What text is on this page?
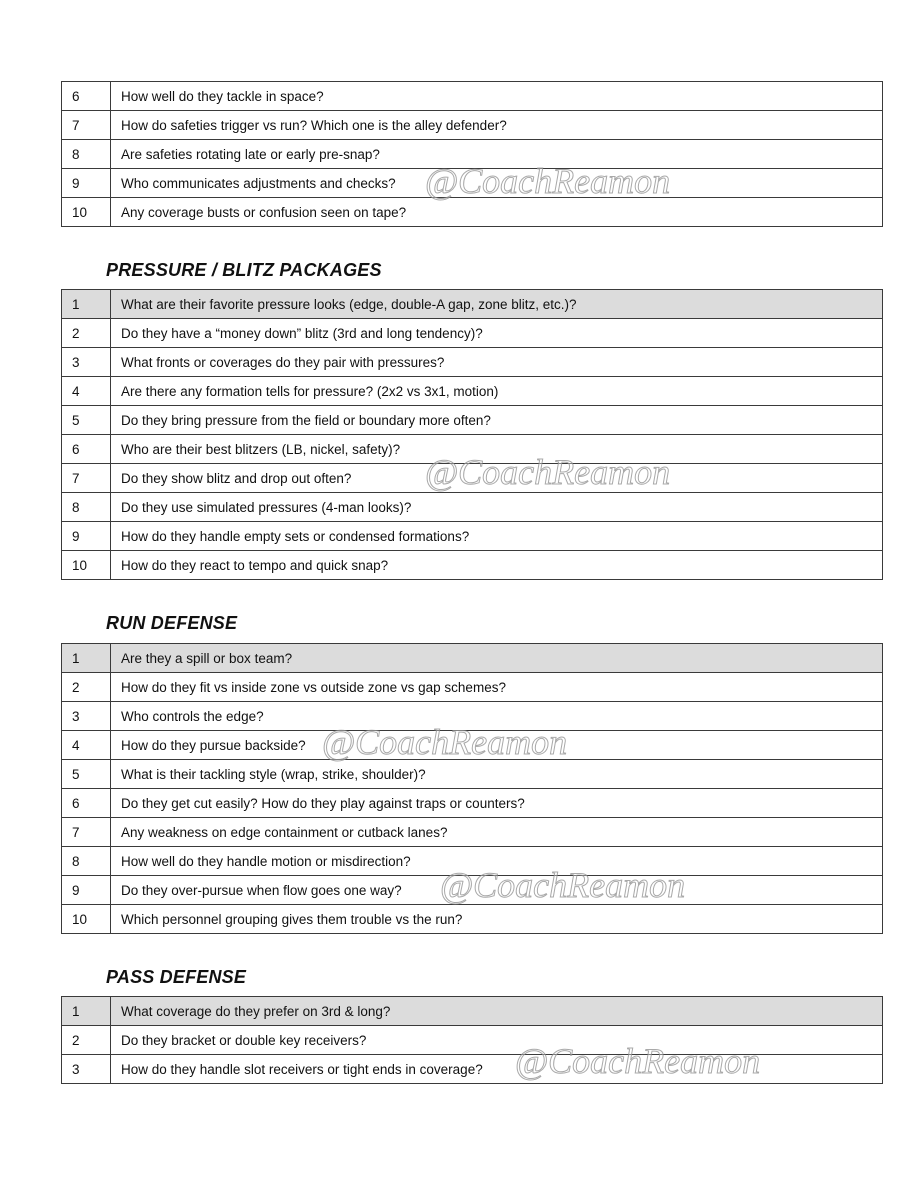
6	How well do they tackle in space?
7	How do safeties trigger vs run? Which one is the alley defender?
8	Are safeties rotating late or early pre-snap?
9	Who communicates adjustments and checks?
10	Any coverage busts or confusion seen on tape?
PRESSURE / BLITZ PACKAGES
1	What are their favorite pressure looks (edge, double-A gap, zone blitz, etc.)?
2	Do they have a “money down” blitz (3rd and long tendency)?
3	What fronts or coverages do they pair with pressures?
4	Are there any formation tells for pressure? (2x2 vs 3x1, motion)
5	Do they bring pressure from the field or boundary more often?
6	Who are their best blitzers (LB, nickel, safety)?
7	Do they show blitz and drop out often?
8	Do they use simulated pressures (4-man looks)?
9	How do they handle empty sets or condensed formations?
10	How do they react to tempo and quick snap?
RUN DEFENSE
1	Are they a spill or box team?
2	How do they fit vs inside zone vs outside zone vs gap schemes?
3	Who controls the edge?
4	How do they pursue backside?
5	What is their tackling style (wrap, strike, shoulder)?
6	Do they get cut easily? How do they play against traps or counters?
7	Any weakness on edge containment or cutback lanes?
8	How well do they handle motion or misdirection?
9	Do they over-pursue when flow goes one way?
10	Which personnel grouping gives them trouble vs the run?
PASS DEFENSE
1	What coverage do they prefer on 3rd & long?
2	Do they bracket or double key receivers?
3	How do they handle slot receivers or tight ends in coverage?
@CoachReamon
@CoachReamon
@CoachReamon
@CoachReamon
@CoachReamon
